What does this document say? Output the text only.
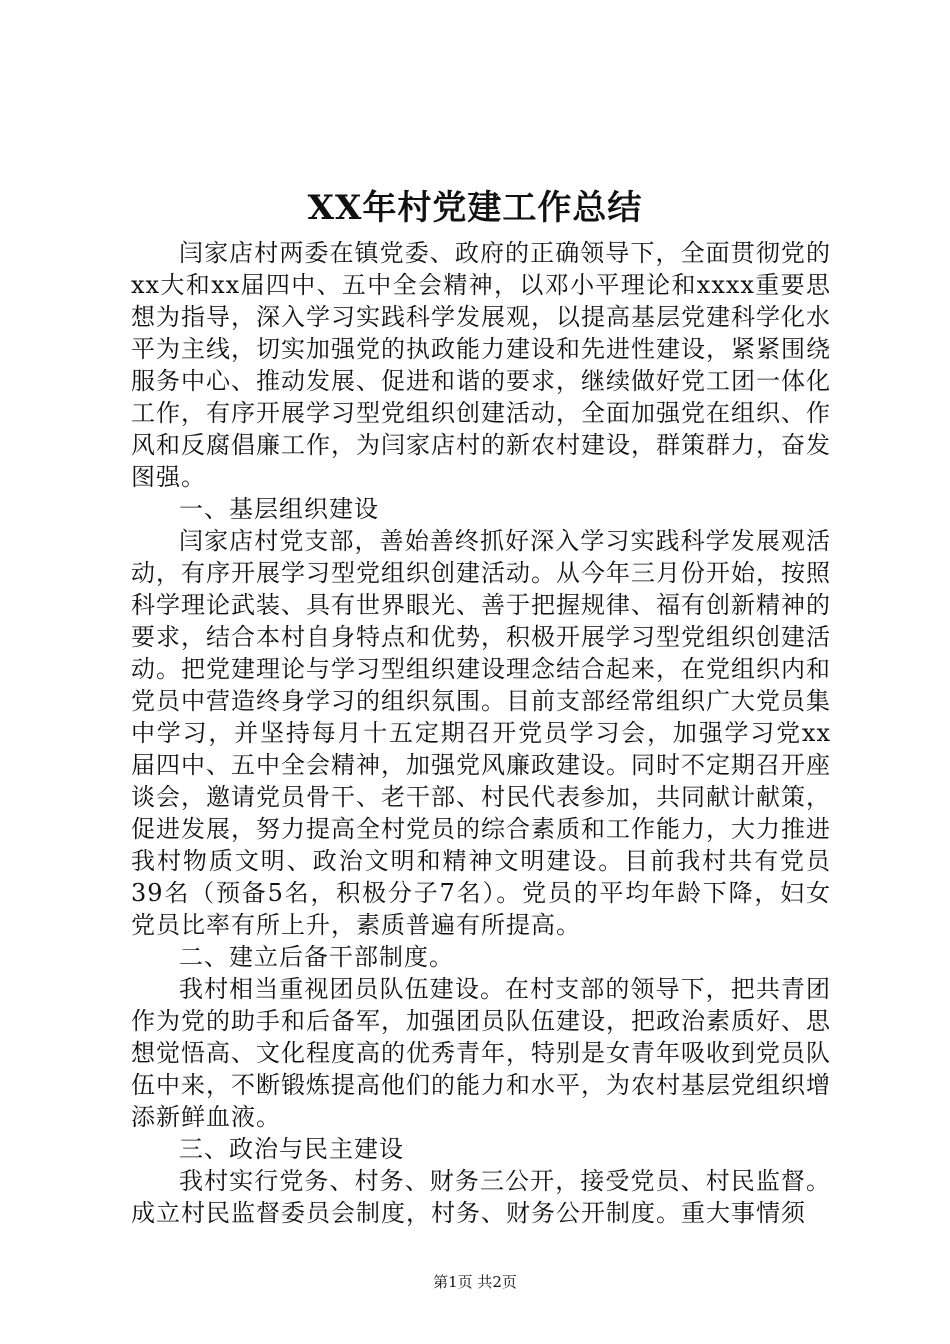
XX年村党建工作总结

闫家店村两委在镇党委、政府的正确领导下，全面贯彻党的xx大和xx届四中、五中全会精神，以邓小平理论和xxxx重要思想为指导，深入学习实践科学发展观，以提高基层党建科学化水平为主线，切实加强党的执政能力建设和先进性建设，紧紧围绕服务中心、推动发展、促进和谐的要求，继续做好党工团一体化工作，有序开展学习型党组织创建活动，全面加强党在组织、作风和反腐倡廉工作，为闫家店村的新农村建设，群策群力，奋发图强。

一、基层组织建设

闫家店村党支部，善始善终抓好深入学习实践科学发展观活动，有序开展学习型党组织创建活动。从今年三月份开始，按照科学理论武装、具有世界眼光、善于把握规律、福有创新精神的要求，结合本村自身特点和优势，积极开展学习型党组织创建活动。把党建理论与学习型组织建设理念结合起来，在党组织内和党员中营造终身学习的组织氛围。目前支部经常组织广大党员集中学习，并坚持每月十五定期召开党员学习会，加强学习党xx届四中、五中全会精神，加强党风廉政建设。同时不定期召开座谈会，邀请党员骨干、老干部、村民代表参加，共同献计献策，促进发展，努力提高全村党员的综合素质和工作能力，大力推进我村物质文明、政治文明和精神文明建设。目前我村共有党员39名（预备5名，积极分子7名）。党员的平均年龄下降，妇女党员比率有所上升，素质普遍有所提高。

二、建立后备干部制度。

我村相当重视团员队伍建设。在村支部的领导下，把共青团作为党的助手和后备军，加强团员队伍建设，把政治素质好、思想觉悟高、文化程度高的优秀青年，特别是女青年吸收到党员队伍中来，不断锻炼提高他们的能力和水平，为农村基层党组织增添新鲜血液。

三、政治与民主建设

我村实行党务、村务、财务三公开，接受党员、村民监督。成立村民监督委员会制度，村务、财务公开制度。重大事情须

第1页 共2页
